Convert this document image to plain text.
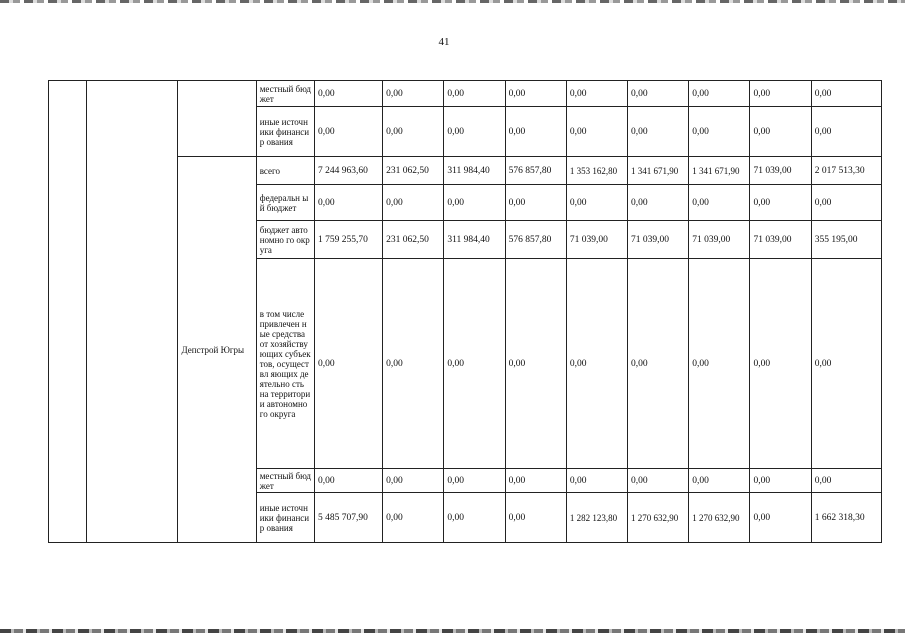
41
			местный бюджет	0,00	0,00	0,00	0,00	0,00	0,00	0,00	0,00	0,00
			иные источники финансир ования	0,00	0,00	0,00	0,00	0,00	0,00	0,00	0,00	0,00
		Депстрой Югры	всего	7 244 963,60	231 062,50	311 984,40	576 857,80	1 353 162,80	1 341 671,90	1 341 671,90	71 039,00	2 017 513,30
			федеральн ый бюджет	0,00	0,00	0,00	0,00	0,00	0,00	0,00	0,00	0,00
			бюджет автономно го округа	1 759 255,70	231 062,50	311 984,40	576 857,80	71 039,00	71 039,00	71 039,00	71 039,00	355 195,00
			в том числе привлечен ные средства от хозяйству ющих субъектов, осуществл яющих деятельно сть на территори и автономно го округа	0,00	0,00	0,00	0,00	0,00	0,00	0,00	0,00	0,00
			местный бюджет	0,00	0,00	0,00	0,00	0,00	0,00	0,00	0,00	0,00
			иные источники финансир ования	5 485 707,90	0,00	0,00	0,00	1 282 123,80	1 270 632,90	1 270 632,90	0,00	1 662 318,30
